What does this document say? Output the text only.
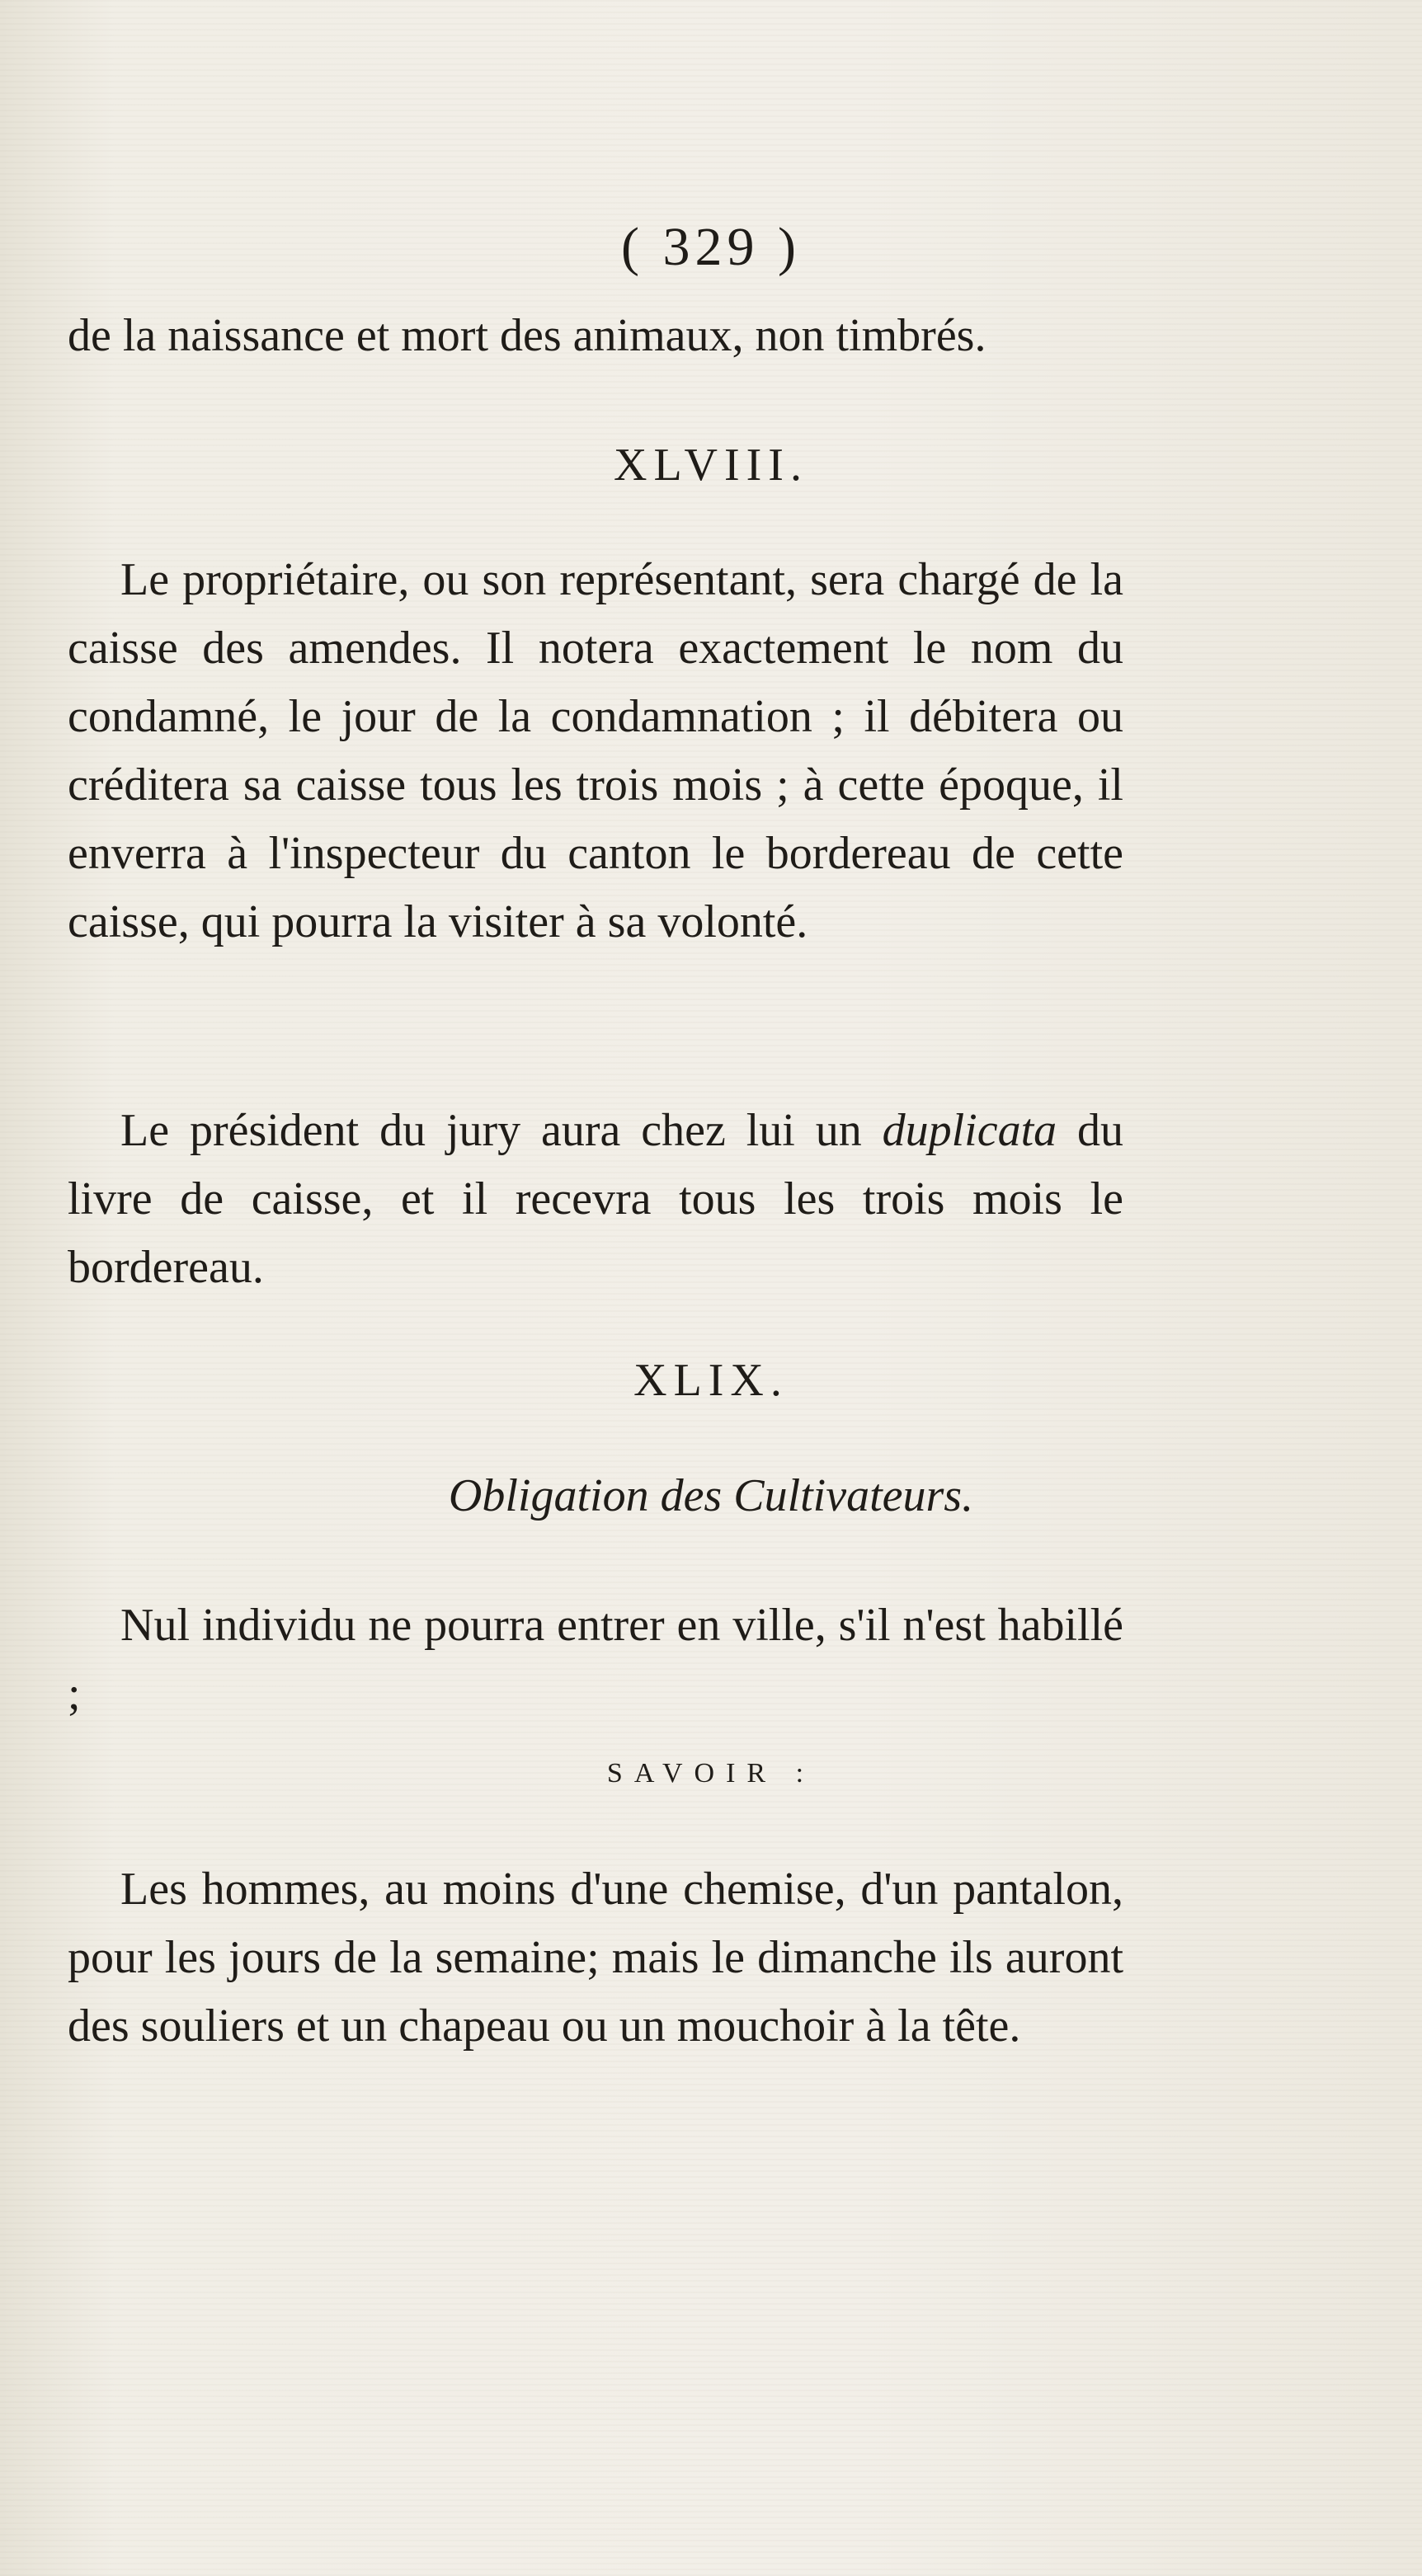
( 329 )

de la naissance et mort des animaux, non timbrés.

XLVIII.

Le propriétaire, ou son représentant, sera chargé de la caisse des amendes. Il notera exactement le nom du condamné, le jour de la condamnation ; il débitera ou créditera sa caisse tous les trois mois ; à cette époque, il enverra à l'inspecteur du canton le bordereau de cette caisse, qui pourra la visiter à sa volonté.

Le président du jury aura chez lui un duplicata du livre de caisse, et il recevra tous les trois mois le bordereau.

XLIX.
Obligation des Cultivateurs.

Nul individu ne pourra entrer en ville, s'il n'est habillé ;

SAVOIR :

Les hommes, au moins d'une chemise, d'un pantalon, pour les jours de la semaine; mais le dimanche ils auront des souliers et un chapeau ou un mouchoir à la tête.
